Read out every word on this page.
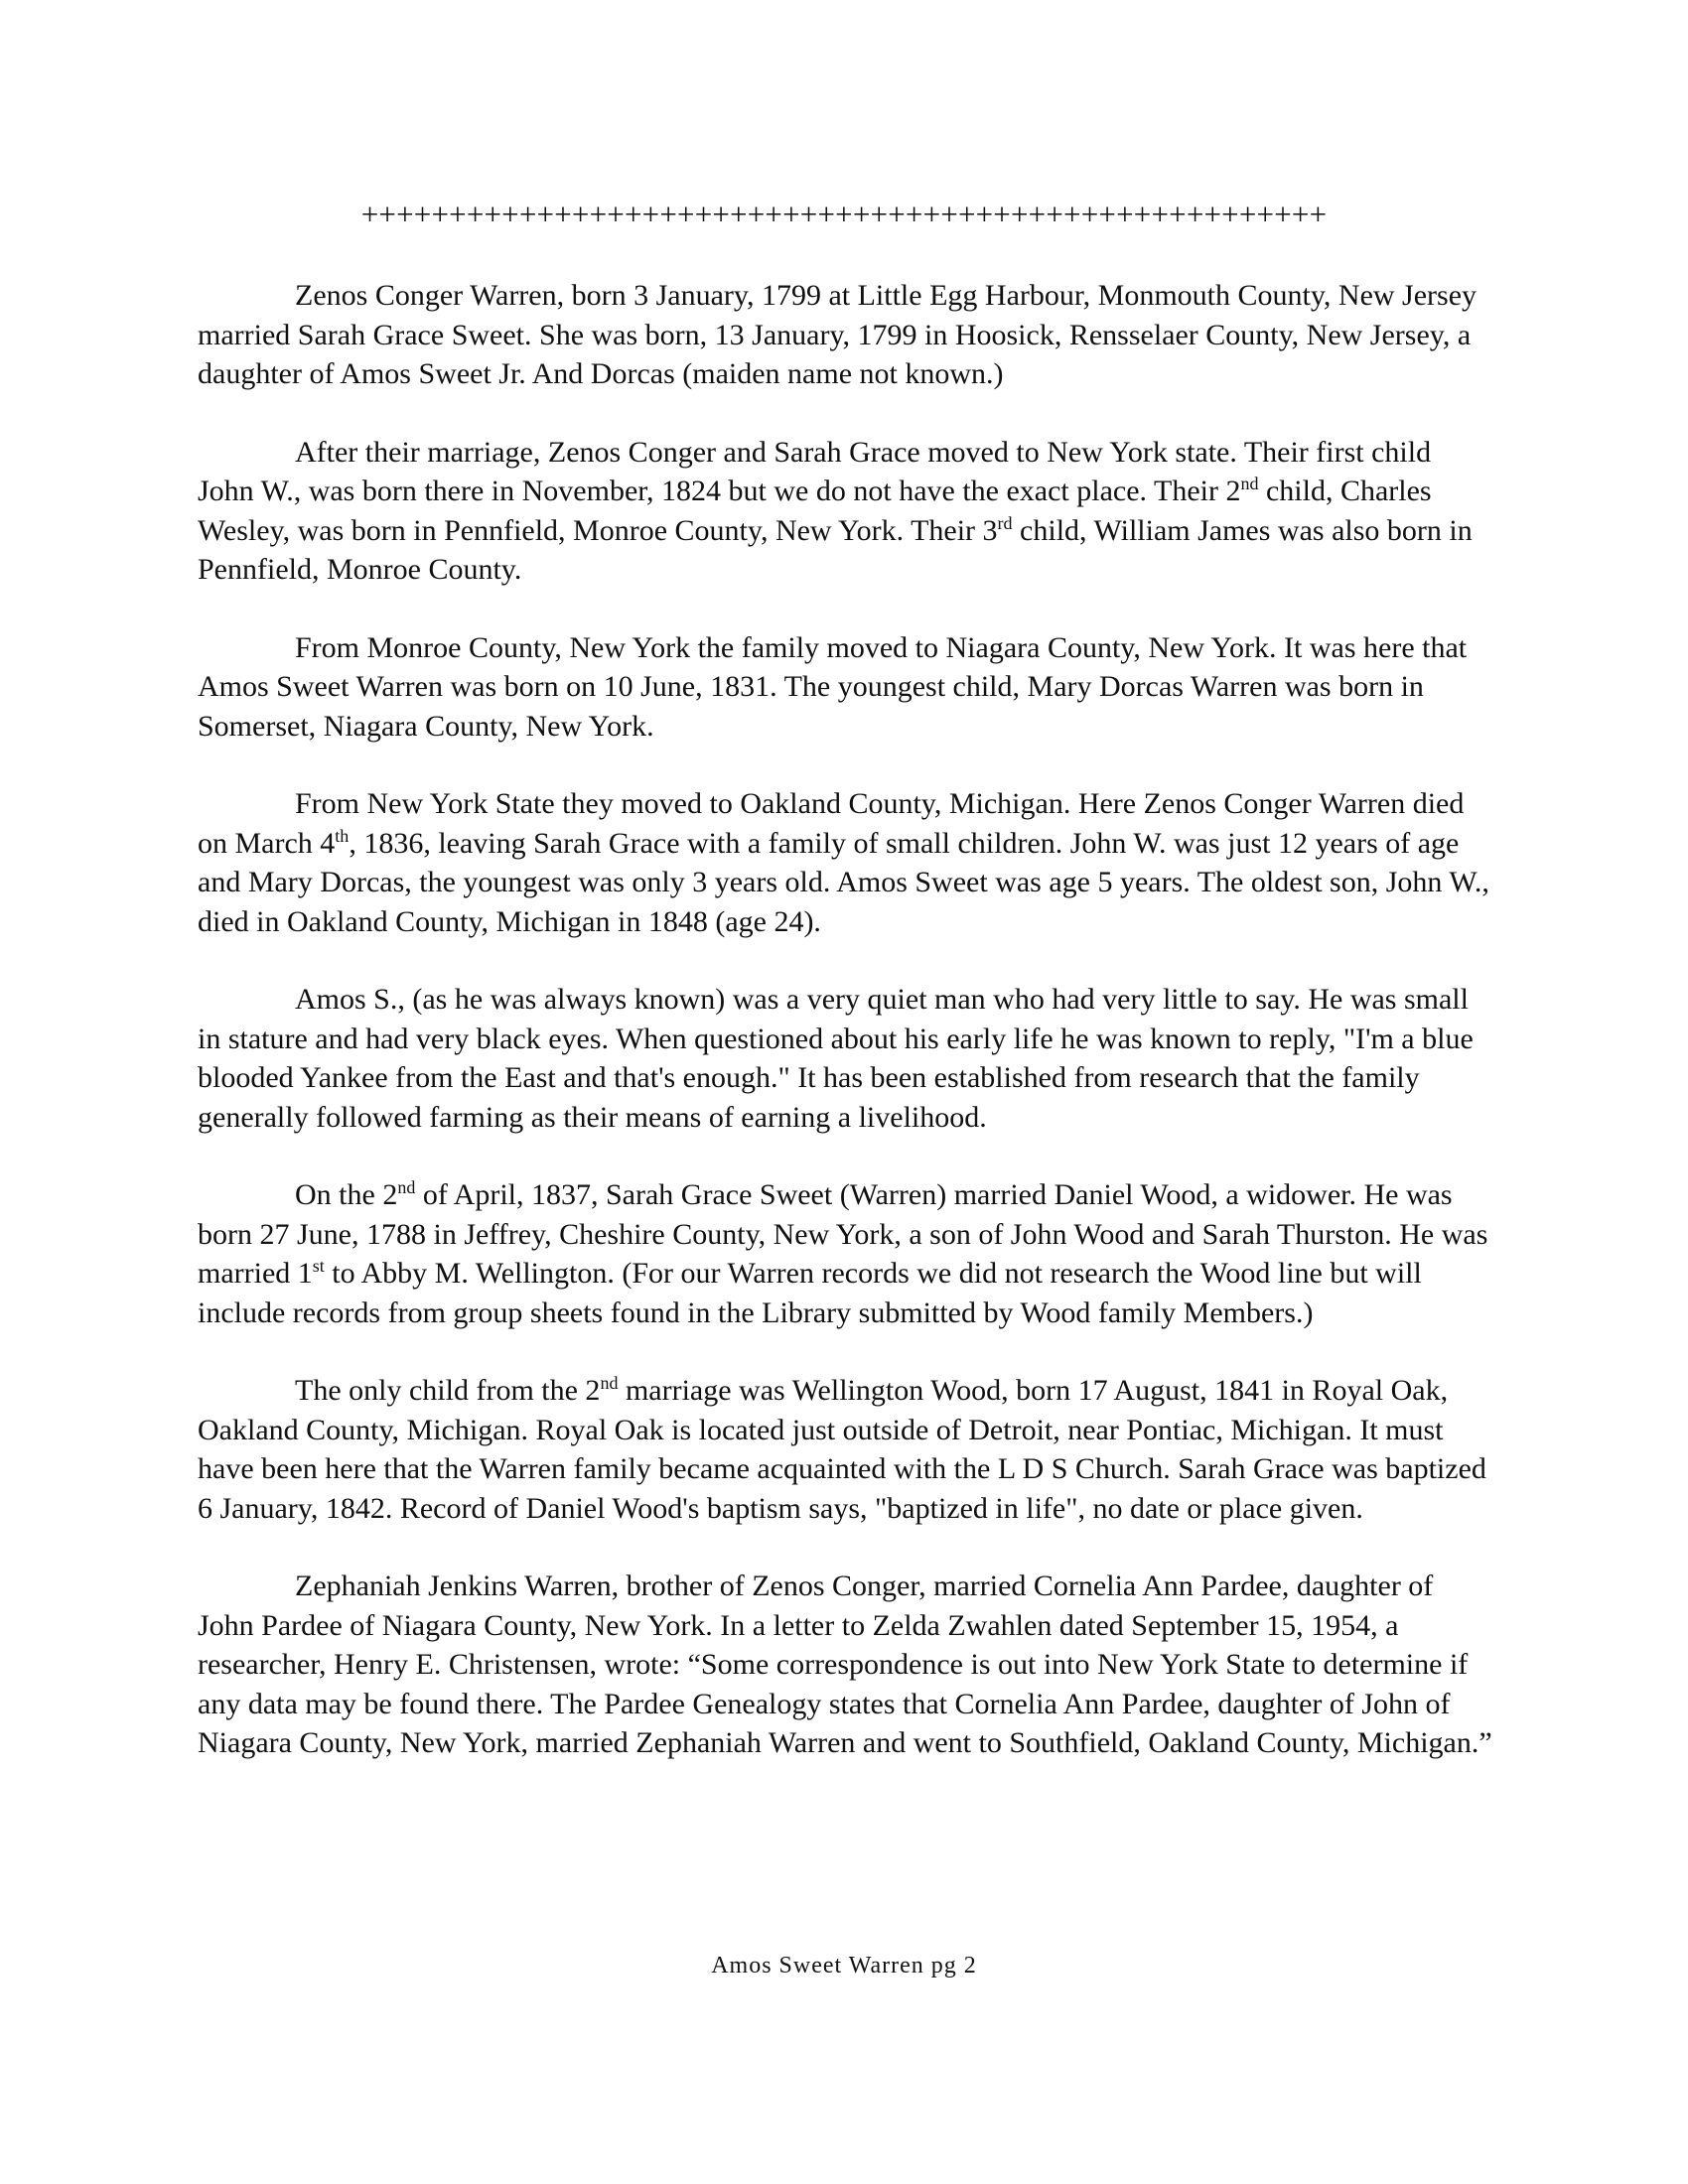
+++++++++++++++++++++++++++++++++++++++++++++++++++++++

Zenos Conger Warren, born 3 January, 1799 at Little Egg Harbour, Monmouth County, New Jersey married Sarah Grace Sweet. She was born, 13 January, 1799 in Hoosick, Rensselaer County, New Jersey, a daughter of Amos Sweet Jr. And Dorcas (maiden name not known.)

After their marriage, Zenos Conger and Sarah Grace moved to New York state. Their first child John W., was born there in November, 1824 but we do not have the exact place. Their 2nd child, Charles Wesley, was born in Pennfield, Monroe County, New York. Their 3rd child, William James was also born in Pennfield, Monroe County.

From Monroe County, New York the family moved to Niagara County, New York. It was here that Amos Sweet Warren was born on 10 June, 1831. The youngest child, Mary Dorcas Warren was born in Somerset, Niagara County, New York.

From New York State they moved to Oakland County, Michigan. Here Zenos Conger Warren died on March 4th, 1836, leaving Sarah Grace with a family of small children. John W. was just 12 years of age and Mary Dorcas, the youngest was only 3 years old. Amos Sweet was age 5 years. The oldest son, John W., died in Oakland County, Michigan in 1848 (age 24).

Amos S., (as he was always known) was a very quiet man who had very little to say. He was small in stature and had very black eyes. When questioned about his early life he was known to reply, "I'm a blue blooded Yankee from the East and that's enough." It has been established from research that the family generally followed farming as their means of earning a livelihood.

On the 2nd of April, 1837, Sarah Grace Sweet (Warren) married Daniel Wood, a widower. He was born 27 June, 1788 in Jeffrey, Cheshire County, New York, a son of John Wood and Sarah Thurston. He was married 1st to Abby M. Wellington. (For our Warren records we did not research the Wood line but will include records from group sheets found in the Library submitted by Wood family Members.)

The only child from the 2nd marriage was Wellington Wood, born 17 August, 1841 in Royal Oak, Oakland County, Michigan. Royal Oak is located just outside of Detroit, near Pontiac, Michigan. It must have been here that the Warren family became acquainted with the L D S Church. Sarah Grace was baptized 6 January, 1842. Record of Daniel Wood's baptism says, "baptized in life", no date or place given.

Zephaniah Jenkins Warren, brother of Zenos Conger, married Cornelia Ann Pardee, daughter of John Pardee of Niagara County, New York. In a letter to Zelda Zwahlen dated September 15, 1954, a researcher, Henry E. Christensen, wrote: “Some correspondence is out into New York State to determine if any data may be found there. The Pardee Genealogy states that Cornelia Ann Pardee, daughter of John of Niagara County, New York, married Zephaniah Warren and went to Southfield, Oakland County, Michigan.”

Amos Sweet Warren pg 2
